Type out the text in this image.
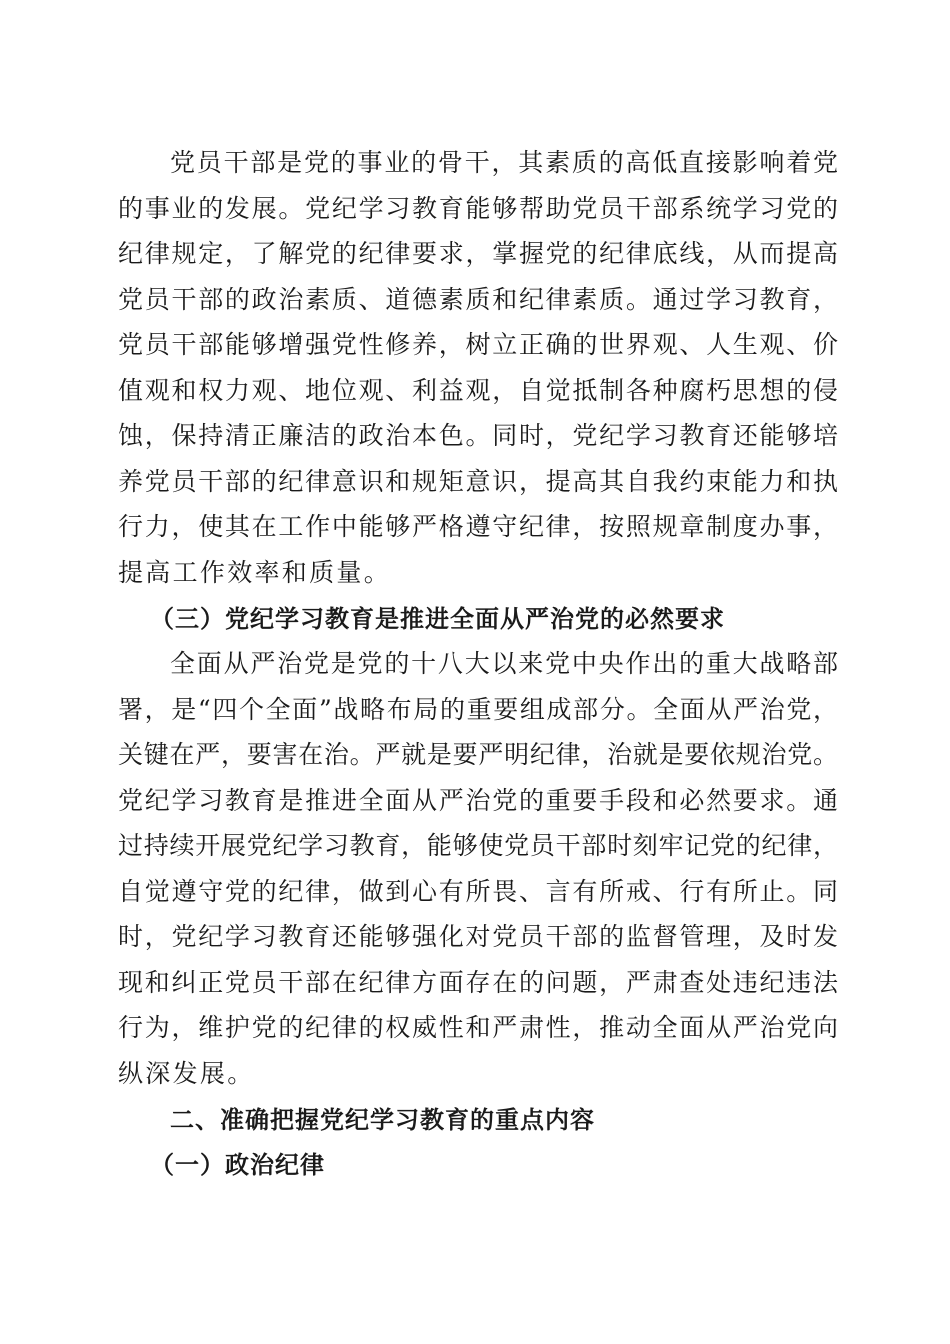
党员干部是党的事业的骨干，其素质的高低直接影响着党
的事业的发展。党纪学习教育能够帮助党员干部系统学习党的
纪律规定，了解党的纪律要求，掌握党的纪律底线，从而提高
党员干部的政治素质、道德素质和纪律素质。通过学习教育，
党员干部能够增强党性修养，树立正确的世界观、人生观、价
值观和权力观、地位观、利益观，自觉抵制各种腐朽思想的侵
蚀，保持清正廉洁的政治本色。同时，党纪学习教育还能够培
养党员干部的纪律意识和规矩意识，提高其自我约束能力和执
行力，使其在工作中能够严格遵守纪律，按照规章制度办事，
提高工作效率和质量。
（三）党纪学习教育是推进全面从严治党的必然要求
全面从严治党是党的十八大以来党中央作出的重大战略部
署，是“四个全面”战略布局的重要组成部分。全面从严治党，
关键在严，要害在治。严就是要严明纪律，治就是要依规治党。
党纪学习教育是推进全面从严治党的重要手段和必然要求。通
过持续开展党纪学习教育，能够使党员干部时刻牢记党的纪律，
自觉遵守党的纪律，做到心有所畏、言有所戒、行有所止。同
时，党纪学习教育还能够强化对党员干部的监督管理，及时发
现和纠正党员干部在纪律方面存在的问题，严肃查处违纪违法
行为，维护党的纪律的权威性和严肃性，推动全面从严治党向
纵深发展。
二、准确把握党纪学习教育的重点内容
（一）政治纪律
